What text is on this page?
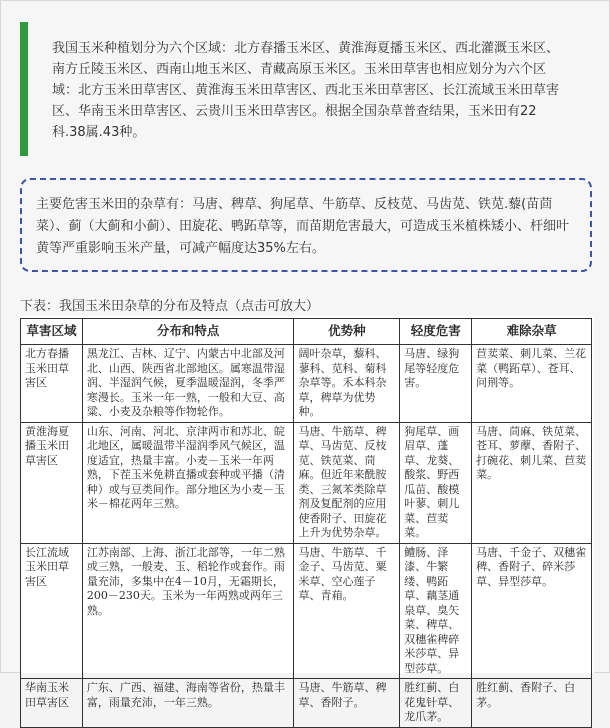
我国玉米种植划分为六个区域：北方春播玉米区、黄淮海夏播玉米区、西北灌溉玉米区、南方丘陵玉米区、西南山地玉米区、青藏高原玉米区。玉米田草害也相应划分为六个区域：北方玉米田草害区、黄淮海玉米田草害区、西北玉米田草害区、长江流域玉米田草害区、华南玉米田草害区、云贵川玉米田草害区。根据全国杂草普查结果，玉米田有22科.38属.43种。
主要危害玉米田的杂草有：马唐、稗草、狗尾草、牛筋草、反枝苋、马齿苋、铁苋.藜(苗茴菜）、蓟（大蓟和小蓟）、田旋花、鸭跖草等，而苗期危害最大，可造成玉米植株矮小、杆细叶黄等严重影响玉米产量，可减产幅度达35%左右。
下表：我国玉米田杂草的分布及特点（点击可放大）
草害区域	分布和特点	优势种	轻度危害	难除杂草
北方春播玉米田草害区	黑龙江、吉林、辽宁、内蒙古中北部及河北、山西、陕西省北部地区。属寒温带湿润、半湿润气候，夏季温暖湿润，冬季严寒漫长。玉米一年一熟，一般和大豆、高粱、小麦及杂粮等作物轮作。	阔叶杂草，藜科、蓼科、苋科、菊科杂草等。禾本科杂草，稗草为优势种。	马唐、绿狗尾等轻度危害。	苣荬菜、刺儿菜、兰花菜（鸭跖草）、苍耳、问荆等。
黄淮海夏播玉米田草害区	山东、河南、河北、京津两市和苏北、皖北地区，属暖温带半湿润季风气候区，温度适宜，热量丰富。小麦－玉米一年两熟，下茬玉米免耕直播或套种或平播（清种）或与豆类间作。部分地区为小麦－玉米－棉花两年三熟。	马唐、牛筋草、稗草、马齿苋、反枝苋、铁苋菜、茼麻。但近年来酰胺类、三氮苯类除草剂及复配剂的应用使香附子、田旋花上升为优势杂草。	狗尾草、画眉草、蓬草、龙葵、酸浆、野西瓜苗、酸模叶蓼、刺儿菜、苣荬菜。	马唐、茼麻、铁苋菜、苍耳、萝藦、香附子、打碗花、刺儿菜、苣荬菜。
长江流域玉米田草害区	江苏南部、上海、浙江北部等，一年二熟或三熟，一般麦、玉、稻轮作或套作。雨量充沛，多集中在4－10月，无霜期长，200－230天。玉米为一年两熟或两年三熟。	马唐、牛筋草、千金子、马齿苋、粟米草、空心莲子草、青葙。	鳢肠、泽漆、牛繁缕、鸭跖草、藕茎通泉草、臭矢菜、稗草、双穗雀稗碎米莎草、异型莎草。	马唐、千金子、双穗雀稗、香附子、碎米莎草、异型莎草。
华南玉米田草害区	广东、广西、福建、海南等省份，热量丰富，雨量充沛，一年三熟。	马唐、牛筋草、稗草、香附子。	胜红蓟、白花鬼针草、龙爪茅。	胜红蓟、香附子、白茅。
